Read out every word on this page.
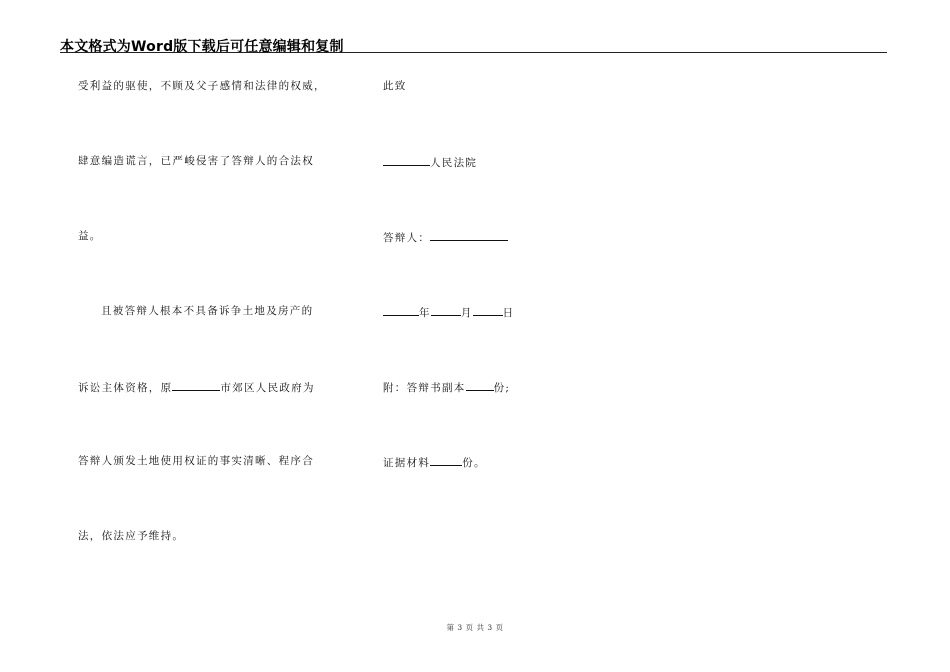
本文格式为Word版下载后可任意编辑和复制
受利益的驱使，不顾及父子感情和法律的权威，
肆意编造谎言，已严峻侵害了答辩人的合法权
益。
且被答辩人根本不具备诉争土地及房产的
诉讼主体资格，原	市郊区人民政府为
答辩人颁发土地使用权证的事实清晰、程序合
法，依法应予维持。
此致
人民法院
答辩人：
年	月	日
附：答辩书副本	份;
证据材料	份。
第 3 页 共 3 页
